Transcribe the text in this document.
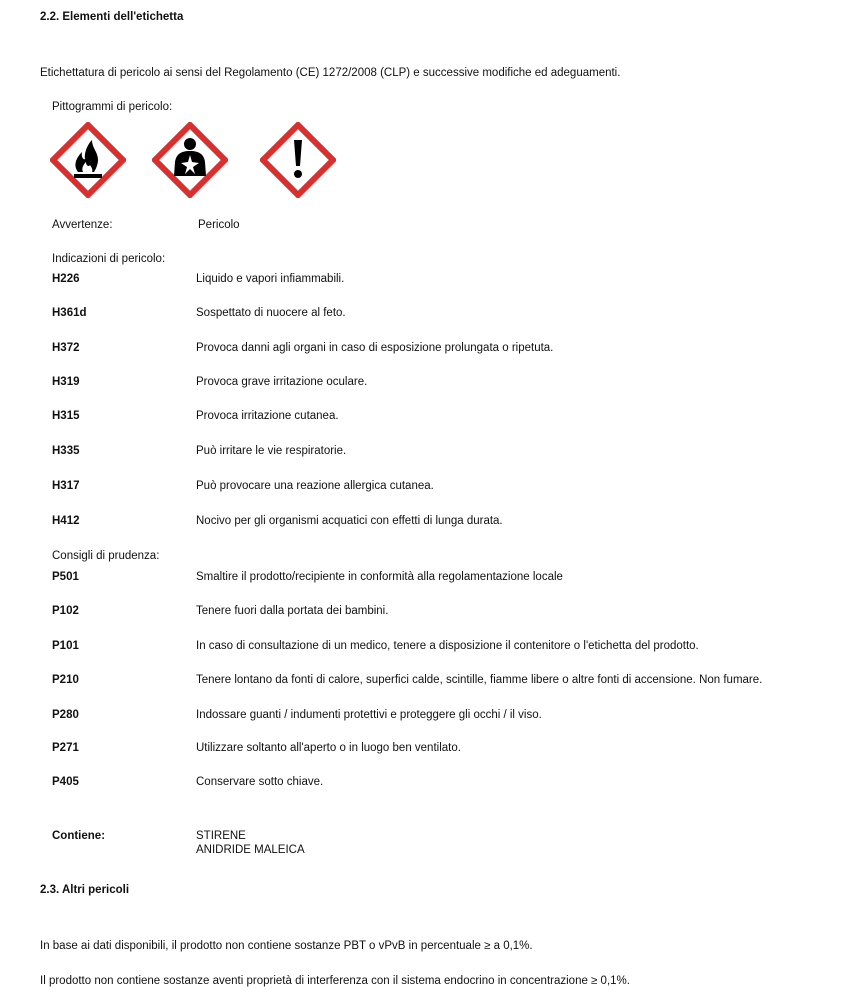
2.2. Elementi dell'etichetta
Etichettatura di pericolo ai sensi del Regolamento (CE) 1272/2008 (CLP) e successive modifiche ed adeguamenti.
Pittogrammi di pericolo:
Avvertenze:	Pericolo
Indicazioni di pericolo:
H226	Liquido e vapori infiammabili.
H361d	Sospettato di nuocere al feto.
H372	Provoca danni agli organi in caso di esposizione prolungata o ripetuta.
H319	Provoca grave irritazione oculare.
H315	Provoca irritazione cutanea.
H335	Può irritare le vie respiratorie.
H317	Può provocare una reazione allergica cutanea.
H412	Nocivo per gli organismi acquatici con effetti di lunga durata.
Consigli di prudenza:
P501	Smaltire il prodotto/recipiente in conformità alla regolamentazione locale
P102	Tenere fuori dalla portata dei bambini.
P101	In caso di consultazione di un medico, tenere a disposizione il contenitore o l'etichetta del prodotto.
P210	Tenere lontano da fonti di calore, superfici calde, scintille, fiamme libere o altre fonti di accensione. Non fumare.
P280	Indossare guanti / indumenti protettivi e proteggere gli occhi / il viso.
P271	Utilizzare soltanto all'aperto o in luogo ben ventilato.
P405	Conservare sotto chiave.
Contiene:	STIRENE
ANIDRIDE MALEICA
2.3. Altri pericoli
In base ai dati disponibili, il prodotto non contiene sostanze PBT o vPvB in percentuale ≥ a 0,1%.
Il prodotto non contiene sostanze aventi proprietà di interferenza con il sistema endocrino in concentrazione ≥ 0,1%.
